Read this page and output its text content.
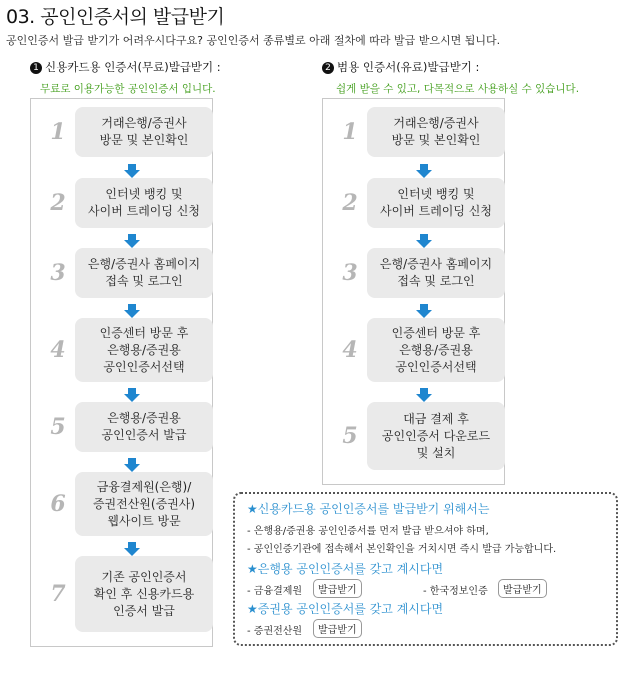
03. 공인인증서의 발급받기
공인인증서 발급 받기가 어려우시다구요? 공인인증서 종류별로 아래 절차에 따라 발급 받으시면 됩니다.
1 신용카드용 인증서(무료)발급받기 :
무료로 이용가능한 공인인증서 입니다.
1	거래은행/증권사
방문 및 본인확인
2	인터넷 뱅킹 및
사이버 트레이딩 신청
3	은행/증권사 홈페이지
접속 및 로그인
4
인증센터 방문 후
은행용/증권용
공인인증서선택
5	은행용/증권용
공인인증서 발급
6
금융결제원(은행)/
증권전산원(증권사)
웹사이트 방문
7
기존 공인인증서
확인 후 신용카드용
인증서 발급
2 범용 인증서(유료)발급받기 :
쉽게 받을 수 있고, 다목적으로 사용하실 수 있습니다.
1	거래은행/증권사
방문 및 본인확인
2	인터넷 뱅킹 및
사이버 트레이딩 신청
3	은행/증권사 홈페이지
접속 및 로그인
4
인증센터 방문 후
은행용/증권용
공인인증서선택
5
대금 결제 후
공인인증서 다운로드
및 설치
★신용카드용 공인인증서를 발급받기 위해서는
- 은행용/증권용 공인인증서를 먼저 발급 받으셔야 하며,
- 공인인증기관에 접속해서 본인확인을 거치시면 즉시 발급 가능합니다.
★은행용 공인인증서를 갖고 계시다면
- 금융결제원	발급받기	- 한국정보인증	발급받기
★증권용 공인인증서를 갖고 계시다면
- 증권전산원	발급받기
